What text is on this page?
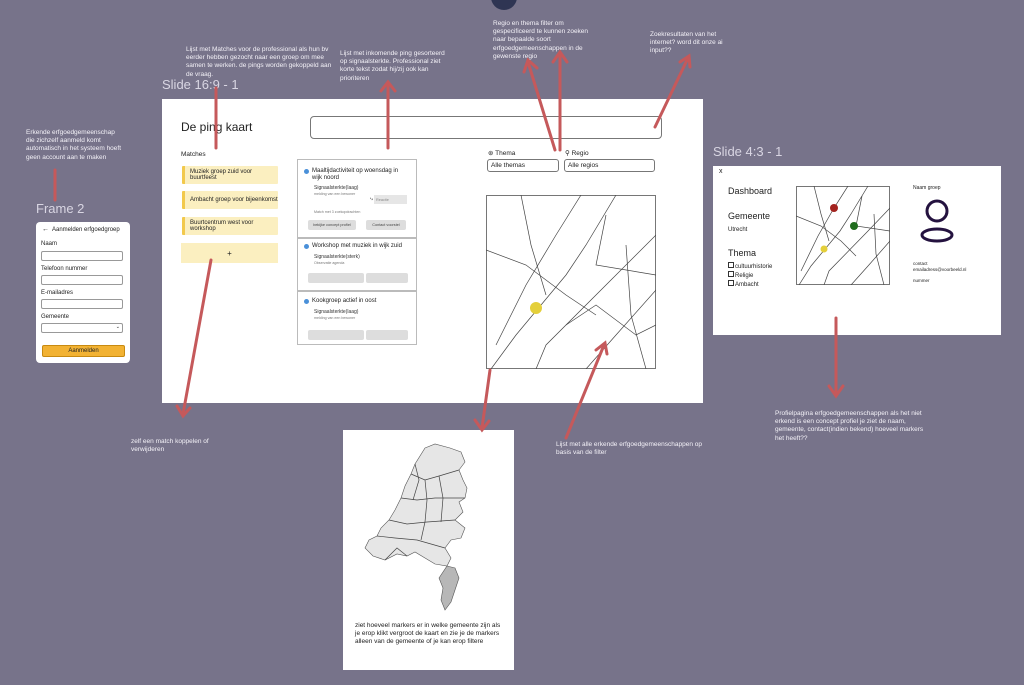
Lijst met Matches voor de professional als hun bv eerder hebben gezocht naar een groep om mee samen te werken. de pings worden gekoppeld aan de vraag.
Lijst met inkomende ping gesorteerd op signaalsterkte. Professional ziet korte tekst zodat hij/zij ook kan prioriteren
Regio en thema filter om gespecificeerd te kunnen zoeken naar bepaalde soort erfgoedgemeenschappen in de gewenste regio
Zoekresultaten van het internet? word dit onze ai input??
Erkende erfgoedgemeenschap die zichzelf aanmeld komt automatisch in het systeem hoeft geen account aan te maken
zelf een match koppelen of verwijderen
Lijst met alle erkende erfgoedgemeenschappen op basis van de filter
Profielpagina erfgoedgemeenschappen als het niet erkend is een concept profiel je ziet de naam, gemeente, contact(indien bekend) hoeveel markers het heeft??
Slide 16:9 - 1
Slide 4:3 - 1
Frame 2
De ping kaart
Matches
Muziek groep zuid voor buurtfeest
Ambacht groep voor bijeenkomst
Buurtcentrum west voor workshop
+
Maaltijdactiviteit op woensdag in wijk noord
Signaalsterkte(laag)
melding van een bewoner
⤷ Reactie
Match met 3 zoekopdrachten
bekijke concept profiel	Contact voorstel
Workshop met muziek in wijk zuid
Signaalsterkte(sterk)
Observatie agenda
Kookgroep actief in oost
Signaalsterkte(laag)
melding van een bewoner
⊛ Thema
Alle themas
⚲ Regio
Alle regios
← Aanmelden erfgoedgroep
Naam
Telefoon nummer
E-mailadres
Gemeente
⌄
Aanmelden
x
Dashboard
Gemeente
Utrecht
Thema
cultuurhistorie
Religie
Ambacht
Naam groep
contact
emailadress@voorbeeld.nl
nummer
ziet hoeveel markers er in welke gemeente zijn als je erop klikt vergroot de kaart en zie je de markers alleen van de gemeente of je kan erop filtere
